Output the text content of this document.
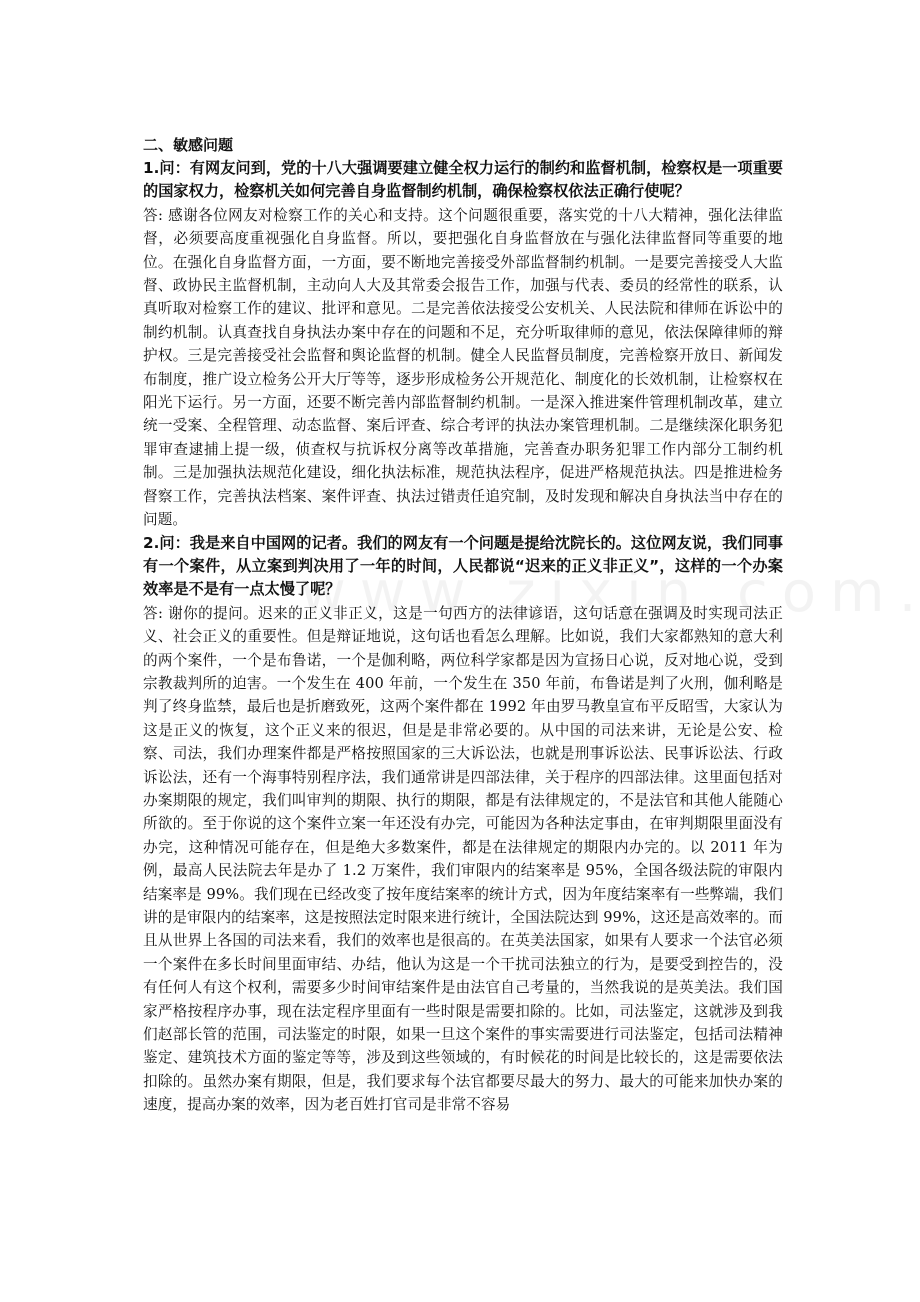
二、敏感问题

1.问：有网友问到，党的十八大强调要建立健全权力运行的制约和监督机制，检察权是一项重要的国家权力，检察机关如何完善自身监督制约机制，确保检察权依法正确行使呢？

答: 感谢各位网友对检察工作的关心和支持。这个问题很重要，落实党的十八大精神，强化法律监督，必须要高度重视强化自身监督。所以，要把强化自身监督放在与强化法律监督同等重要的地位。在强化自身监督方面，一方面，要不断地完善接受外部监督制约机制。一是要完善接受人大监督、政协民主监督机制，主动向人大及其常委会报告工作，加强与代表、委员的经常性的联系，认真听取对检察工作的建议、批评和意见。二是完善依法接受公安机关、人民法院和律师在诉讼中的制约机制。认真查找自身执法办案中存在的问题和不足，充分听取律师的意见，依法保障律师的辩护权。三是完善接受社会监督和舆论监督的机制。健全人民监督员制度，完善检察开放日、新闻发布制度，推广设立检务公开大厅等等，逐步形成检务公开规范化、制度化的长效机制，让检察权在阳光下运行。另一方面，还要不断完善内部监督制约机制。一是深入推进案件管理机制改革，建立统一受案、全程管理、动态监督、案后评查、综合考评的执法办案管理机制。二是继续深化职务犯罪审查逮捕上提一级，侦查权与抗诉权分离等改革措施，完善查办职务犯罪工作内部分工制约机制。三是加强执法规范化建设，细化执法标准，规范执法程序，促进严格规范执法。四是推进检务督察工作，完善执法档案、案件评查、执法过错责任追究制，及时发现和解决自身执法当中存在的问题。

2.问：我是来自中国网的记者。我们的网友有一个问题是提给沈院长的。这位网友说，我们同事有一个案件，从立案到判决用了一年的时间，人民都说“迟来的正义非正义”，这样的一个办案效率是不是有一点太慢了呢？

答: 谢你的提问。迟来的正义非正义，这是一句西方的法律谚语，这句话意在强调及时实现司法正义、社会正义的重要性。但是辩证地说，这句话也看怎么理解。比如说，我们大家都熟知的意大利的两个案件，一个是布鲁诺，一个是伽利略，两位科学家都是因为宣扬日心说，反对地心说，受到宗教裁判所的迫害。一个发生在 400 年前，一个发生在 350 年前，布鲁诺是判了火刑，伽利略是判了终身监禁，最后也是折磨致死，这两个案件都在 1992 年由罗马教皇宣布平反昭雪，大家认为这是正义的恢复，这个正义来的很迟，但是是非常必要的。从中国的司法来讲，无论是公安、检察、司法，我们办理案件都是严格按照国家的三大诉讼法，也就是刑事诉讼法、民事诉讼法、行政诉讼法，还有一个海事特别程序法，我们通常讲是四部法律，关于程序的四部法律。这里面包括对办案期限的规定，我们叫审判的期限、执行的期限，都是有法律规定的，不是法官和其他人能随心所欲的。至于你说的这个案件立案一年还没有办完，可能因为各种法定事由，在审判期限里面没有办完，这种情况可能存在，但是绝大多数案件，都是在法律规定的期限内办完的。以 2011 年为例，最高人民法院去年是办了 1.2 万案件，我们审限内的结案率是 95%，全国各级法院的审限内结案率是 99%。我们现在已经改变了按年度结案率的统计方式，因为年度结案率有一些弊端，我们讲的是审限内的结案率，这是按照法定时限来进行统计，全国法院达到 99%，这还是高效率的。而且从世界上各国的司法来看，我们的效率也是很高的。在英美法国家，如果有人要求一个法官必须一个案件在多长时间里面审结、办结，他认为这是一个干扰司法独立的行为，是要受到控告的，没有任何人有这个权利，需要多少时间审结案件是由法官自己考量的，当然我说的是英美法。我们国家严格按程序办事，现在法定程序里面有一些时限是需要扣除的。比如，司法鉴定，这就涉及到我们赵部长管的范围，司法鉴定的时限，如果一旦这个案件的事实需要进行司法鉴定，包括司法精神鉴定、建筑技术方面的鉴定等等，涉及到这些领域的，有时候花的时间是比较长的，这是需要依法扣除的。虽然办案有期限，但是，我们要求每个法官都要尽最大的努力、最大的可能来加快办案的速度，提高办案的效率，因为老百姓打官司是非常不容易
